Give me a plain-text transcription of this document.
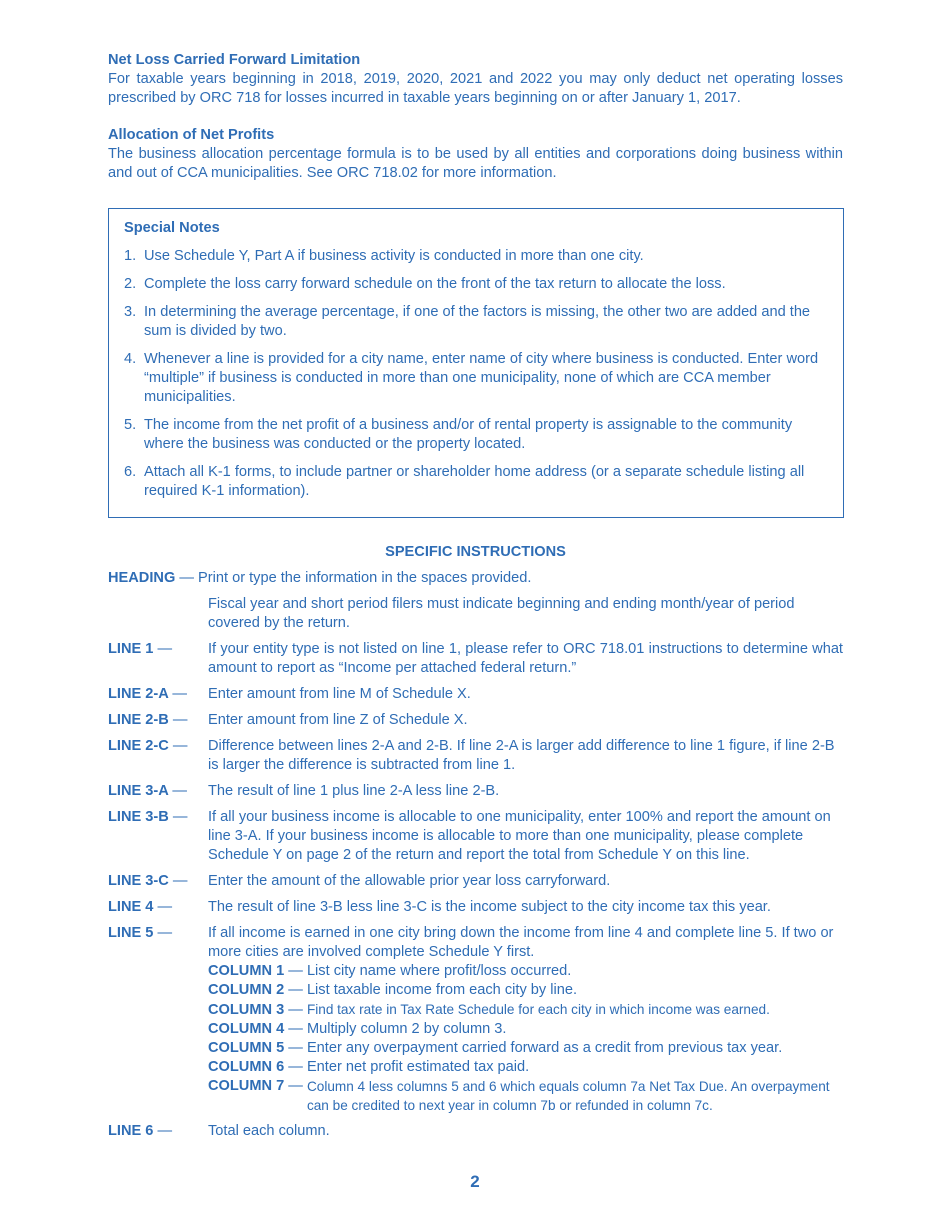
Net Loss Carried Forward Limitation

For taxable years beginning in 2018, 2019, 2020, 2021 and 2022 you may only deduct net operating losses prescribed by ORC 718 for losses incurred in taxable years beginning on or after January 1, 2017.

Allocation of Net Profits

The business allocation percentage formula is to be used by all entities and corporations doing business within and out of CCA municipalities. See ORC 718.02 for more information.

Special Notes
1. Use Schedule Y, Part A if business activity is conducted in more than one city.
2. Complete the loss carry forward schedule on the front of the tax return to allocate the loss.
3. In determining the average percentage, if one of the factors is missing, the other two are added and the sum is divided by two.
4. Whenever a line is provided for a city name, enter name of city where business is conducted. Enter word “multiple” if business is conducted in more than one municipality, none of which are CCA member municipalities.
5. The income from the net profit of a business and/or of rental property is assignable to the community where the business was conducted or the property located.
6. Attach all K-1 forms, to include partner or shareholder home address (or a separate schedule listing all required K-1 information).
SPECIFIC INSTRUCTIONS
HEADING — Print or type the information in the spaces provided.
Fiscal year and short period filers must indicate beginning and ending month/year of period covered by the return.
LINE 1 —	If your entity type is not listed on line 1, please refer to ORC 718.01 instructions to determine what amount to report as “Income per attached federal return.”
LINE 2-A —	Enter amount from line M of Schedule X.
LINE 2-B —	Enter amount from line Z of Schedule X.
LINE 2-C —	Difference between lines 2-A and 2-B. If line 2-A is larger add difference to line 1 figure, if line 2-B is larger the difference is subtracted from line 1.
LINE 3-A —	The result of line 1 plus line 2-A less line 2-B.
LINE 3-B —	If all your business income is allocable to one municipality, enter 100% and report the amount on line 3-A. If your business income is allocable to more than one municipality, please complete Schedule Y on page 2 of the return and report the total from Schedule Y on this line.
LINE 3-C —	Enter the amount of the allowable prior year loss carryforward.
LINE 4 —	The result of line 3-B less line 3-C is the income subject to the city income tax this year.
LINE 5 —	If all income is earned in one city bring down the income from line 4 and complete line 5. If two or more cities are involved complete Schedule Y first.
COLUMN 1 — List city name where profit/loss occurred.
COLUMN 2 — List taxable income from each city by line.
COLUMN 3 — Find tax rate in Tax Rate Schedule for each city in which income was earned.
COLUMN 4 — Multiply column 2 by column 3.
COLUMN 5 — Enter any overpayment carried forward as a credit from previous tax year.
COLUMN 6 — Enter net profit estimated tax paid.
COLUMN 7 — Column 4 less columns 5 and 6 which equals column 7a Net Tax Due. An overpayment can be credited to next year in column 7b or refunded in column 7c.
LINE 6 —	Total each column.
2
